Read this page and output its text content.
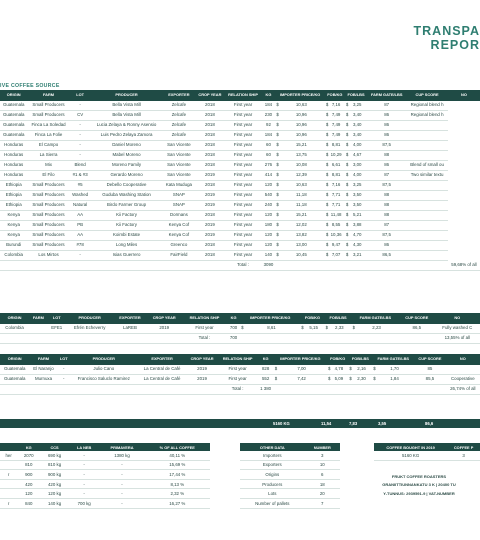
TRANSPA
REPOR
IVE COFFEE SOURCE
ORIGIN	FARM	LOT	PRODUCER	EXPORTER	CROP YEAR	RELATION SHIP	KG	IMPORTER PRICE/KG	FOB/KG	FOB/LBS	FARM GATE/LBS	CUP SCORE	NO
Guatemala	Small Producers	-	Bella Vista Mill	Zelcafe	2018	First year	184	$ 10,63	$ 7,16	$ 3,25	87	Regional blend h	
Guatemala	Small Producers	CV	Bella Vista Mill	Zelcafe	2018	First year	230	$ 10,96	$ 7,49	$ 3,40	86	Regional blend h	
Guatemala	Finca La Soledad	-	Lucia Zelaya & Ronny Asensio	Zelcafe	2018	First year	92	$ 10,96	$ 7,49	$ 3,40	86		
Guatemala	Finca La Folie	-	Luis Pedro Zelaya Zamora	Zelcafe	2018	First year	184	$ 10,96	$ 7,49	$ 3,40	86		
Honduras	El Campo	-	Daniel Moreno	San Vicente	2018	First year	60	$ 15,21	$ 8,81	$ 4,00	87,5		
Honduras	La Sierra	-	Mabel Moreno	San Vicente	2018	First year	60	$ 13,75	$ 10,29	$ 4,67	88		
Honduras	Mix	Blend	Moreno Family	San Vicente	2018	First year	276	$ 10,08	$ 6,61	$ 3,00	86	Blend of small ou	
Honduras	El Filo	#1 & #3	Gerardo Moreno	San Vicente	2019	First year	414	$ 12,39	$ 8,81	$ 4,00	87	Two similar textu	
Ethiopia	Small Producers	#5	Debello Cooperative	Kata Muduga	2018	First year	120	$ 10,63	$ 7,16	$ 3,25	87,5		
Ethiopia	Small Producers	Washed	Guduba Washing Station	SNAP	2019	First year	540	$ 11,18	$ 7,71	$ 3,50	88		
Ethiopia	Small Producers	Natural	Birdo Farmer Group	SNAP	2019	First year	240	$ 11,18	$ 7,71	$ 3,50	88		
Kenya	Small Producers	AA	Kii Factory	Dormans	2018	First year	120	$ 15,21	$ 11,48	$ 5,21	88		
Kenya	Small Producers	PB	Kii Factory	Kenya Cof	2019	First year	180	$ 12,02	$ 8,55	$ 3,88	87		
Kenya	Small Producers	AA	Koimbi Estate	Kenya Cof	2019	First year	120	$ 13,82	$ 10,36	$ 4,70	87,5		
Burundi	Small Producers	#78	Long Miles	Greenco	2018	First year	120	$ 13,00	$ 9,47	$ 4,30	86		
Colombia	Los Mirtos	-	Isias Guerrero	FairField	2018	First year	140	$ 10,45	$ 7,07	$ 3,21	86,5		
						Total :	3090						59,68% of all
ORIGIN	FARM	LOT	PRODUCER	EXPORTER	CROP YEAR	RELATION SHIP	KG	IMPORTER PRICE/KG	FOB/KG	FOB/LBS	FARM GATE/LBS	CUP SCORE	NO
Colombia		EFE1	Efrén Echeverry	LaREB	2019	First year	700	$ 8,61	$ 5,15	$ 2,33	$ 2,23	86,5	Fully washed C
						Total :	700						13,55% of all
ORIGIN	FARM	LOT	PRODUCER	EXPORTER	CROP YEAR	RELATION SHIP	KG	IMPORTER PRICE/KG	FOB/KG	FOB/LBS	FARM GATE/LBS	CUP SCORE	NO
Guatemala	El Naranjo	-	Julio Cano	La Central de Café	2019	First year	828	$ 7,00	$ 4,78	$ 2,16	$ 1,70	85	
Guatemala	Murnuxa	-	Francisco Saluclo Ramirez	La Central de Café	2019	First year	552	$ 7,42	$ 5,09	$ 2,30	$ 1,84	85,5	Cooperative
						Total :	1 380						26,74% of all
5160 KG	11,54	7,83	3,55	86,6
	KG	CCS	LA NEB	PRIMAVERA	% OF ALL COFFEE
her	2070	690 kg	-	1380 kg	40,11 %
	810	810 kg	-	-	15,69 %
r	900	900 kg	-	-	17,44 %
	420	420 kg	-	-	8,13 %
	120	120 kg	-	-	2,32 %
r	840	140 kg	700 kg	-	16,27 %
OTHER DATA	NUMBER
Importers	3
Exporters	10
Origins	6
Producers	18
Lots	20
Number of pallets	7
COFFEE BOUGHT IN 2019	COFFEE P
5160 KG	3
FRUKT COFFEE ROASTERS
GRANIITTIUNNANKATU 3 K | 20400 TU
Y-TUNNUS: 2939591-9 | VAT-NUMBER
